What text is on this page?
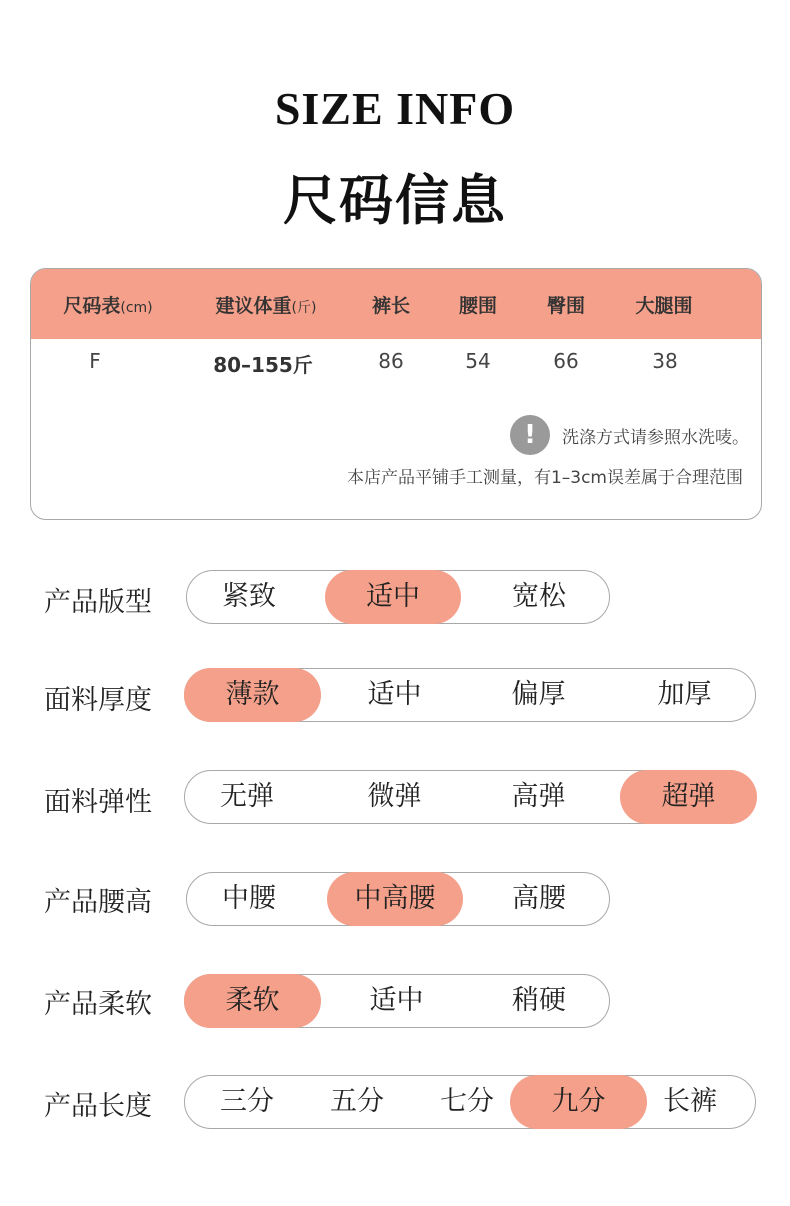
SIZE INFO
尺码信息
尺码表(cm)	建议体重(斤)	裤长	腰围	臀围	大腿围
F	80–155斤	86	54	66	38
!	洗涤方式请参照水洗唛。
本店产品平铺手工测量，有1–3cm误差属于合理范围
产品版型	紧致	适中	宽松
面料厚度	薄款	适中	偏厚	加厚
面料弹性	无弹	微弹	高弹	超弹
产品腰高	中腰	中高腰	高腰
产品柔软	柔软	适中	稍硬
产品长度	三分	五分	七分	九分	长裤
